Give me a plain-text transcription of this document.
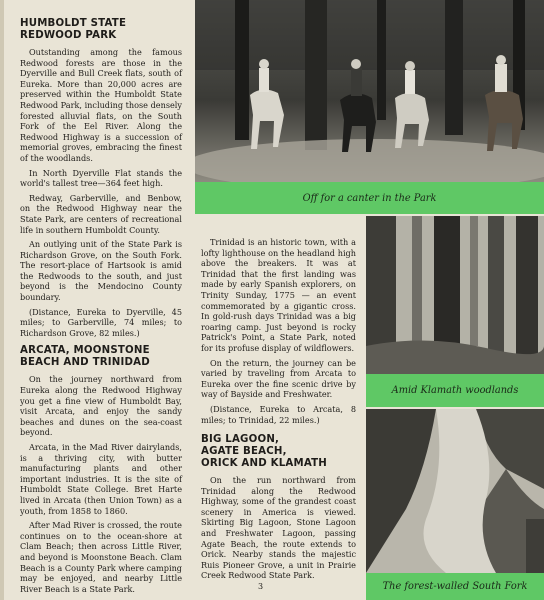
HUMBOLDT STATE
REDWOOD PARK

Outstanding among the famous Redwood forests are those in the Dyerville and Bull Creek flats, south of Eureka. More than 20,000 acres are preserved within the Humboldt State Redwood Park, including those densely forested alluvial flats, on the South Fork of the Eel River. Along the Redwood Highway is a succession of memorial groves, embracing the finest of the woodlands.

In North Dyerville Flat stands the world's tallest tree—364 feet high.

Redway, Garberville, and Benbow, on the Redwood Highway near the State Park, are centers of recreational life in southern Humboldt County.

An outlying unit of the State Park is Richardson Grove, on the South Fork. The resort-place of Hartsook is amid the Redwoods to the south, and just beyond is the Mendocino County boundary.

(Distance, Eureka to Dyerville, 45 miles; to Garberville, 74 miles; to Richardson Grove, 82 miles.)

ARCATA, MOONSTONE
BEACH AND TRINIDAD

On the journey northward from Eureka along the Redwood Highway you get a fine view of Humboldt Bay, visit Arcata, and enjoy the sandy beaches and dunes on the sea-coast beyond.

Arcata, in the Mad River dairylands, is a thriving city, with butter manufacturing plants and other important industries. It is the site of Humboldt State College. Bret Harte lived in Arcata (then Union Town) as a youth, from 1858 to 1860.

After Mad River is crossed, the route continues on to the ocean-shore at Clam Beach; then across Little River, and beyond is Moonstone Beach. Clam Beach is a County Park where camping may be enjoyed, and nearby Little River Beach is a State Park.

Off for a canter in the Park

Trinidad is an historic town, with a lofty lighthouse on the headland high above the breakers. It was at Trinidad that the first landing was made by early Spanish explorers, on Trinity Sunday, 1775 — an event commemorated by a gigantic cross. In gold-rush days Trinidad was a big roaring camp. Just beyond is rocky Patrick's Point, a State Park, noted for its profuse display of wildflowers.

On the return, the journey can be varied by traveling from Arcata to Eureka over the fine scenic drive by way of Bayside and Freshwater.

(Distance, Eureka to Arcata, 8 miles; to Trinidad, 22 miles.)

BIG LAGOON,
AGATE BEACH,
ORICK AND KLAMATH

On the run northward from Trinidad along the Redwood Highway, some of the grandest coast scenery in America is viewed. Skirting Big Lagoon, Stone Lagoon and Freshwater Lagoon, passing Agate Beach, the route extends to Orick. Nearby stands the majestic Ruis Pioneer Grove, a unit in Prairie Creek Redwood State Park.

Amid Klamath woodlands
The forest-walled South Fork
3
